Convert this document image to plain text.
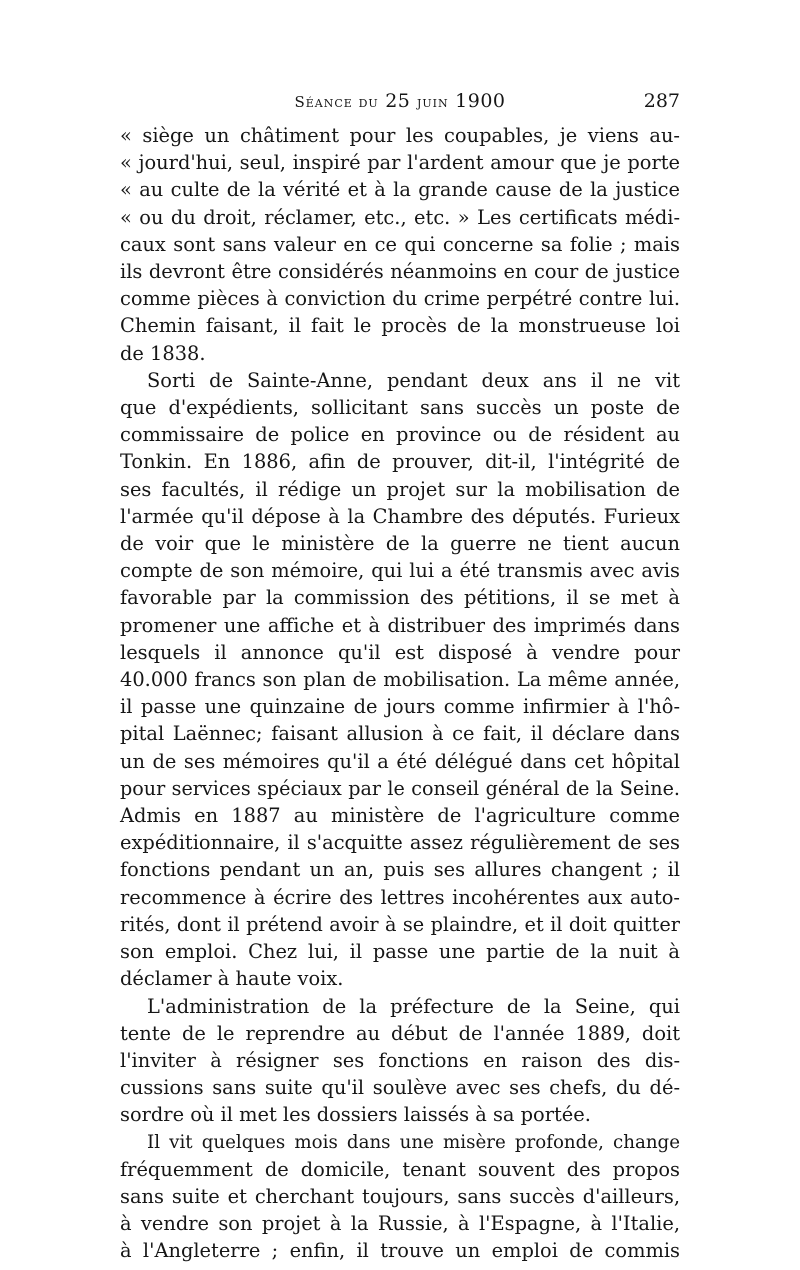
Séance du 25 juin 1900	287
« siège un châtiment pour les coupables, je viens au-
« jourd'hui, seul, inspiré par l'ardent amour que je porte
« au culte de la vérité et à la grande cause de la justice
« ou du droit, réclamer, etc., etc. » Les certificats médi-
caux sont sans valeur en ce qui concerne sa folie ; mais
ils devront être considérés néanmoins en cour de justice
comme pièces à conviction du crime perpétré contre lui.
Chemin faisant, il fait le procès de la monstrueuse loi
de 1838.
Sorti de Sainte-Anne, pendant deux ans il ne vit
que d'expédients, sollicitant sans succès un poste de
commissaire de police en province ou de résident au
Tonkin. En 1886, afin de prouver, dit-il, l'intégrité de
ses facultés, il rédige un projet sur la mobilisation de
l'armée qu'il dépose à la Chambre des députés. Furieux
de voir que le ministère de la guerre ne tient aucun
compte de son mémoire, qui lui a été transmis avec avis
favorable par la commission des pétitions, il se met à
promener une affiche et à distribuer des imprimés dans
lesquels il annonce qu'il est disposé à vendre pour
40.000 francs son plan de mobilisation. La même année,
il passe une quinzaine de jours comme infirmier à l'hô-
pital Laënnec; faisant allusion à ce fait, il déclare dans
un de ses mémoires qu'il a été délégué dans cet hôpital
pour services spéciaux par le conseil général de la Seine.
Admis en 1887 au ministère de l'agriculture comme
expéditionnaire, il s'acquitte assez régulièrement de ses
fonctions pendant un an, puis ses allures changent ; il
recommence à écrire des lettres incohérentes aux auto-
rités, dont il prétend avoir à se plaindre, et il doit quitter
son emploi. Chez lui, il passe une partie de la nuit à
déclamer à haute voix.
L'administration de la préfecture de la Seine, qui
tente de le reprendre au début de l'année 1889, doit
l'inviter à résigner ses fonctions en raison des dis-
cussions sans suite qu'il soulève avec ses chefs, du dé-
sordre où il met les dossiers laissés à sa portée.
Il vit quelques mois dans une misère profonde, change
fréquemment de domicile, tenant souvent des propos
sans suite et cherchant toujours, sans succès d'ailleurs,
à vendre son projet à la Russie, à l'Espagne, à l'Italie,
à l'Angleterre ; enfin, il trouve un emploi de commis
